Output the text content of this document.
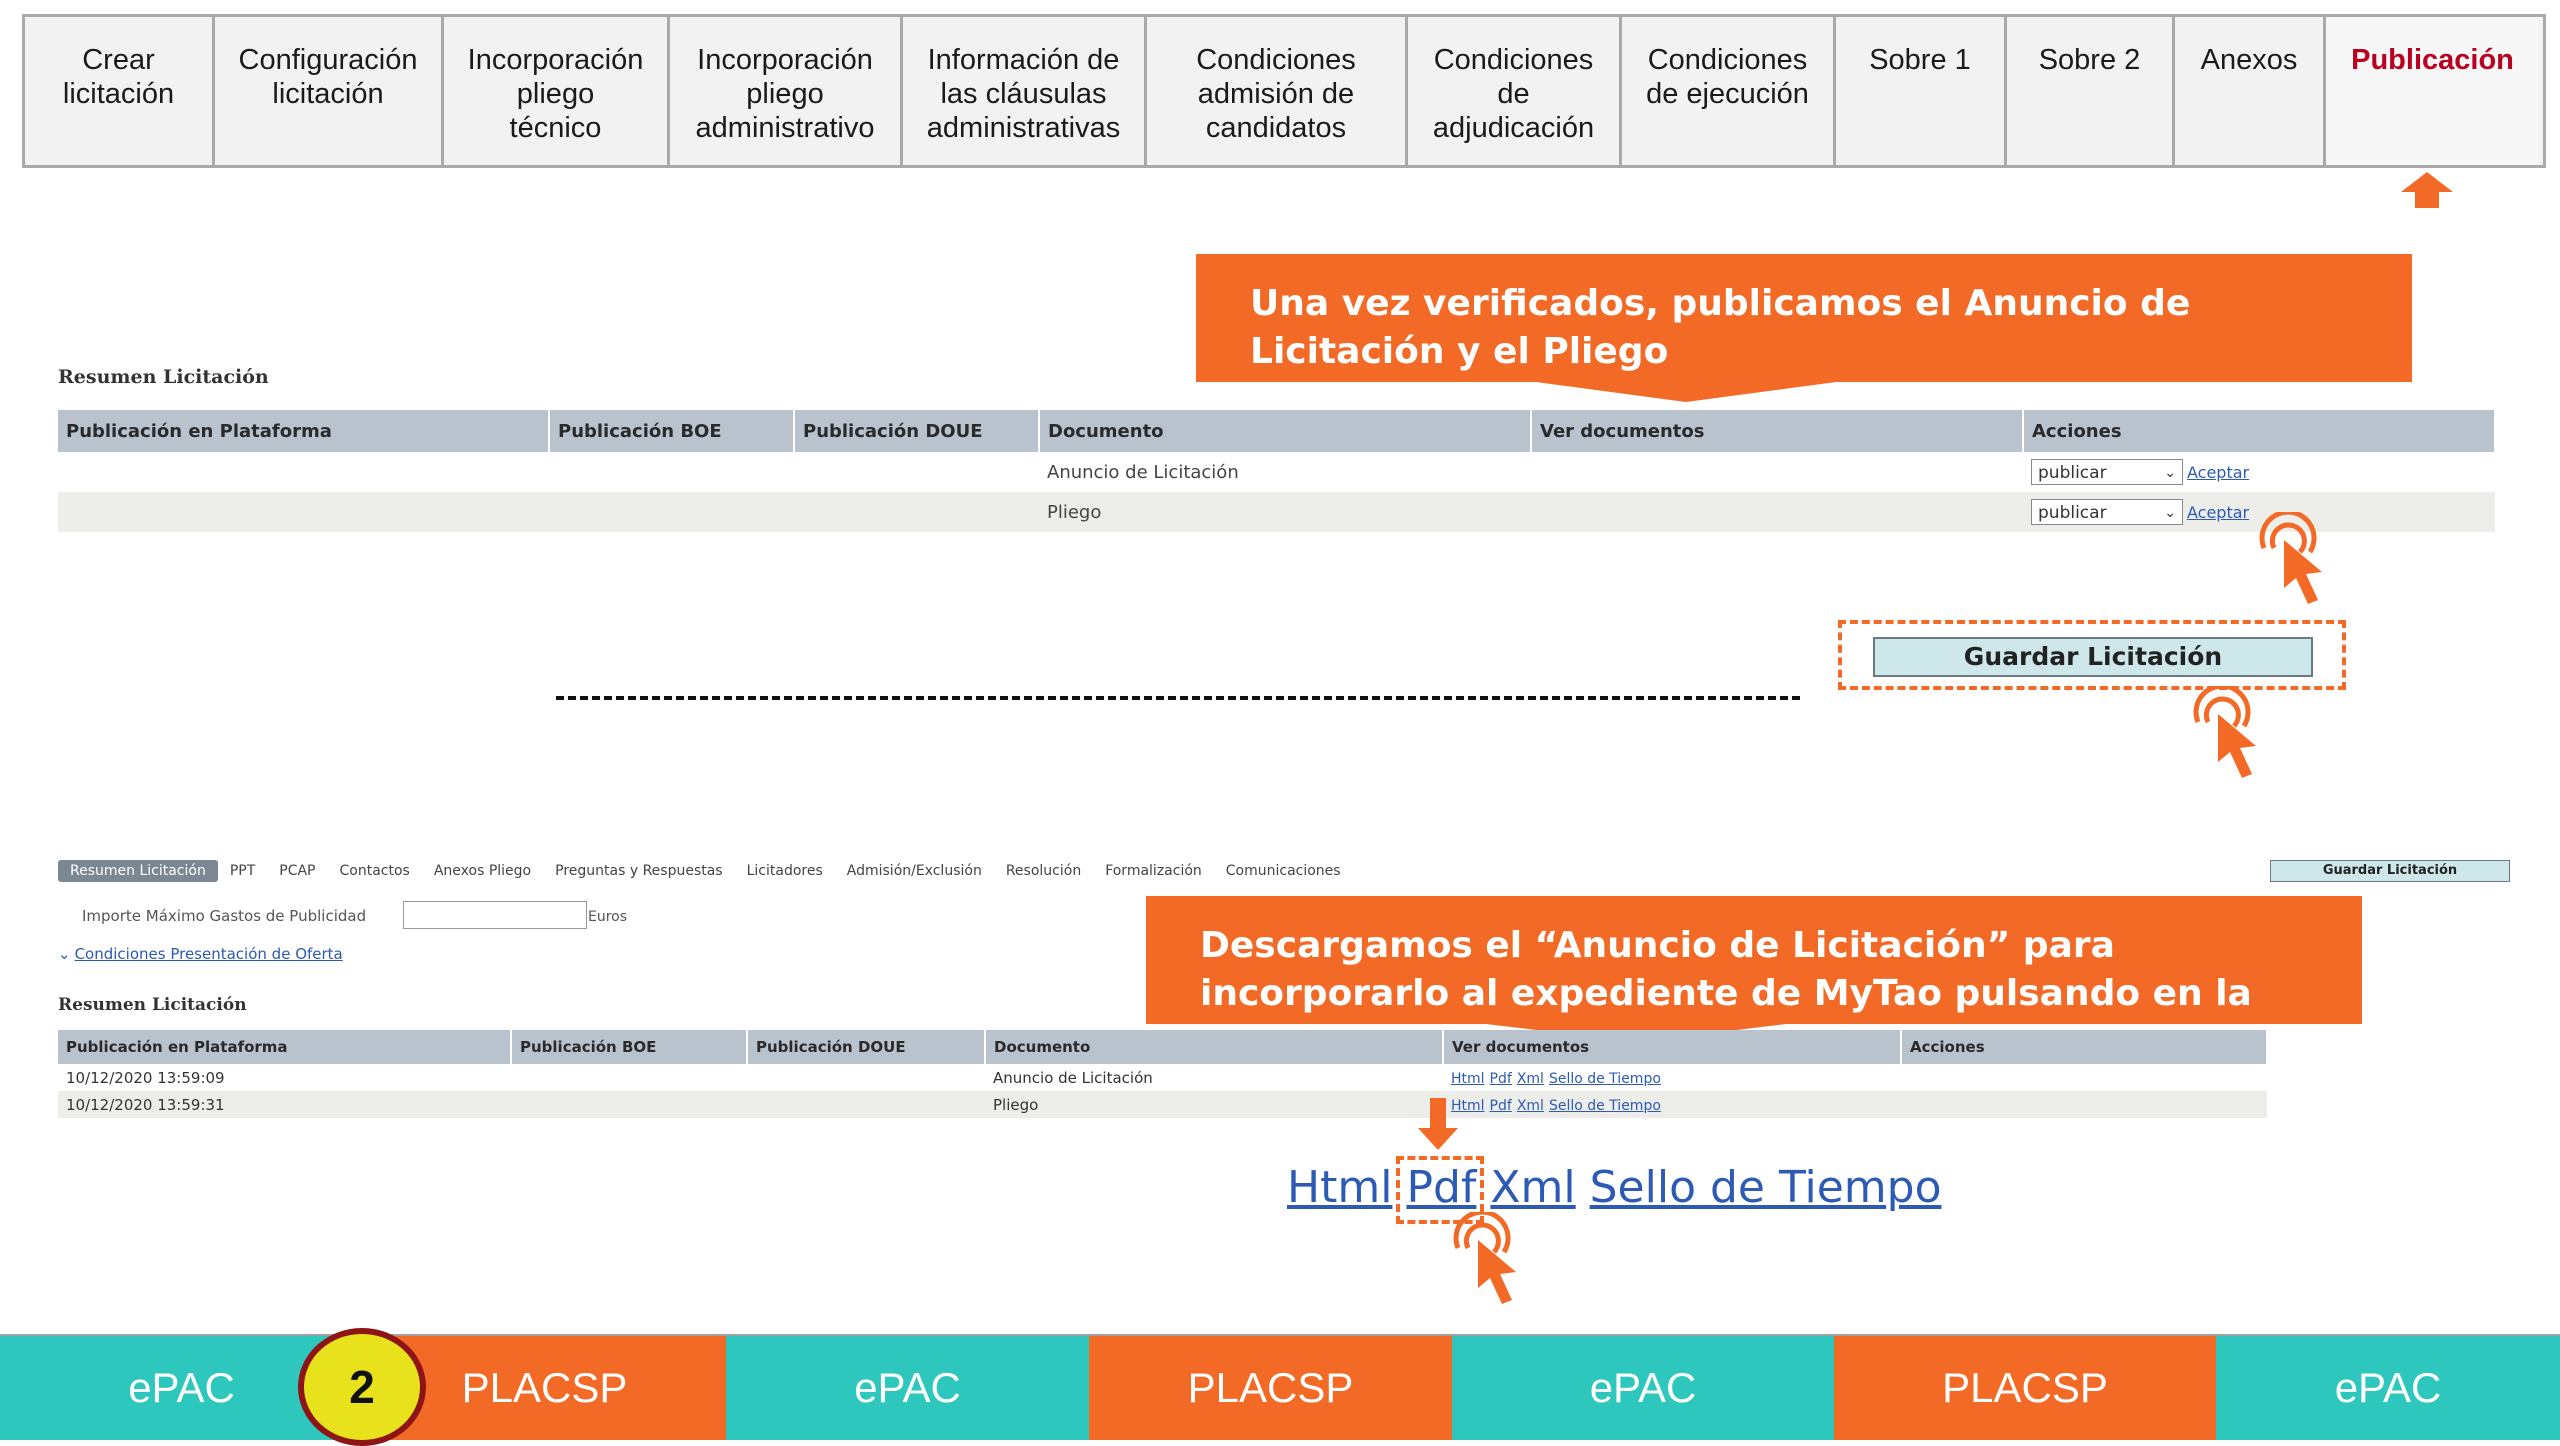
Crear
licitación
Configuración
licitación
Incorporación
pliego
técnico
Incorporación
pliego
administrativo
Información de
las cláusulas
administrativas
Condiciones
admisión de
candidatos
Condiciones
de
adjudicación
Condiciones
de ejecución
Sobre 1	Sobre 2	Anexos	Publicación
Una vez verificados, publicamos el Anuncio de Licitación y el Pliego
Resumen Licitación
Publicación en Plataforma	Publicación BOE	Publicación DOUE	Documento	Ver documentos	Acciones
			Anuncio de Licitación		publicar ⌄ Aceptar
			Pliego		publicar ⌄ Aceptar
Guardar Licitación
Resumen Licitación	PPT	PCAP	Contactos	Anexos Pliego	Preguntas y Respuestas	Licitadores	Admisión/Exclusión	Resolución	Formalización	Comunicaciones	Guardar Licitación
Importe Máximo Gastos de Publicidad	Euros
⌄ Condiciones Presentación de Oferta	Descargamos el “Anuncio de Licitación” para incorporarlo al expediente de MyTao pulsando en la
Resumen Licitación
Publicación en Plataforma	Publicación BOE	Publicación DOUE	Documento	Ver documentos	Acciones
10/12/2020 13:59:09			Anuncio de Licitación	Html Pdf Xml Sello de Tiempo	
10/12/2020 13:59:31			Pliego	Html Pdf Xml Sello de Tiempo	
Html Pdf Xml Sello de Tiempo
ePAC	PLACSP	ePAC	PLACSP	ePAC	PLACSP	ePAC
2
